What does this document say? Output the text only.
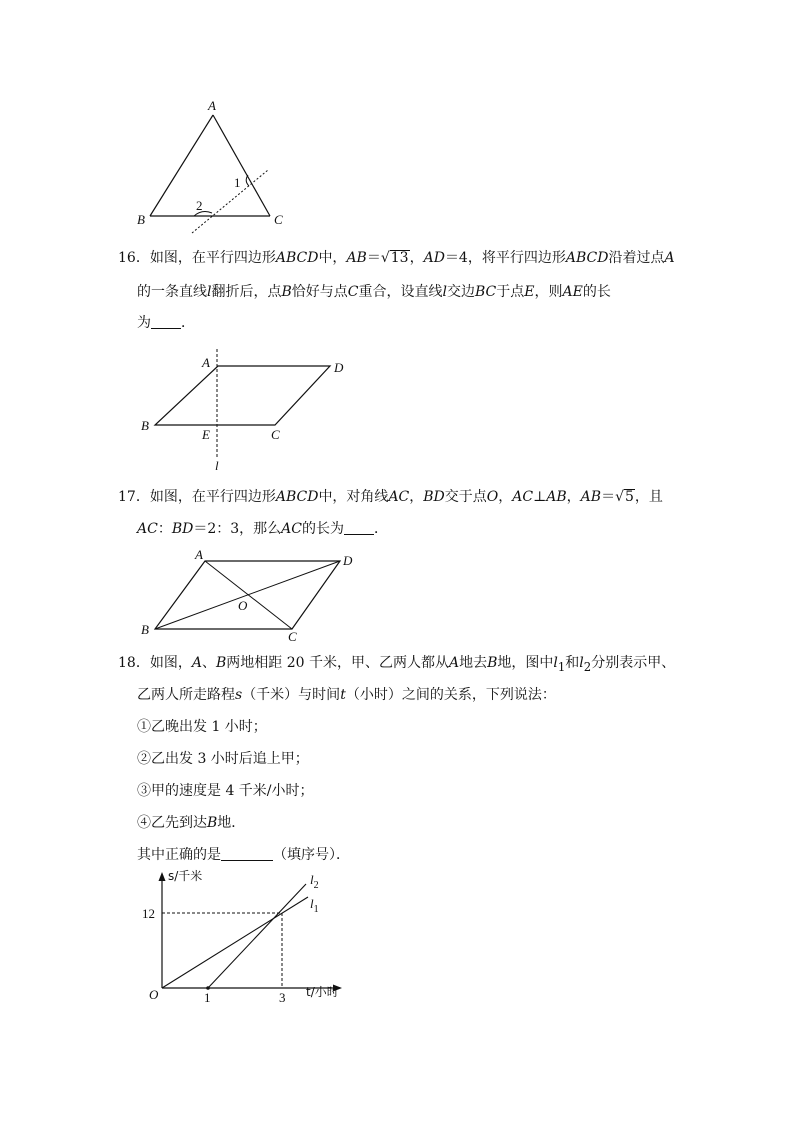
A
B	C
1
2
16．如图，在平行四边形ABCD中，AB＝√13，AD＝4，将平行四边形ABCD沿着过点A
的一条直线l翻折后，点B恰好与点C重合，设直线l交边BC于点E，则AE的长
为 ．
A	D
B
E	C
l
17．如图，在平行四边形ABCD中，对角线AC，BD交于点O，AC⊥AB，AB＝√5，且
AC：BD＝2：3，那么AC的长为 ．
A	D
B	C
O
18．如图，A、B两地相距 20 千米，甲、乙两人都从A地去B地，图中$l_1$和$l_2$分别表示甲、
乙两人所走路程s（千米）与时间t（小时）之间的关系，下列说法：
①乙晚出发 1 小时；
②乙出发 3 小时后追上甲；
③甲的速度是 4 千米/小时；
④乙先到达B地．
其中正确的是	（填序号）．
s/千米
t/小时
O
12
1	3
$l_2$
$l_1$
